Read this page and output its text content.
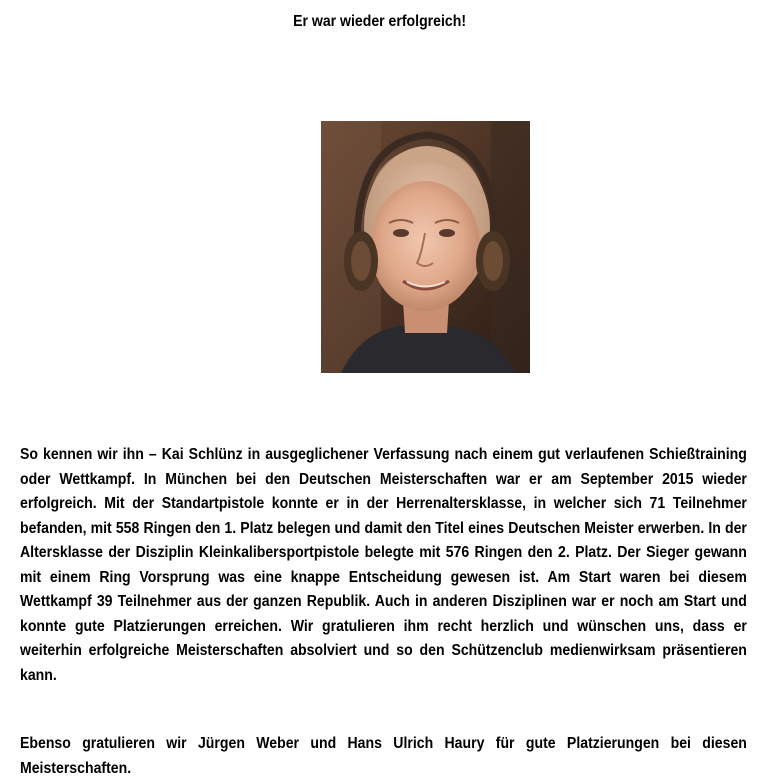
Er war wieder erfolgreich!

So kennen wir ihn – Kai Schlünz in ausgeglichener Verfassung nach einem gut verlaufenen Schießtraining oder Wettkampf. In München bei den Deutschen Meisterschaften war er am September 2015 wieder erfolgreich. Mit der Standartpistole konnte er in der Herrenaltersklasse, in welcher sich 71 Teilnehmer befanden, mit 558 Ringen den 1. Platz belegen und damit den Titel eines Deutschen Meister erwerben. In der Altersklasse der Disziplin Kleinkalibersportpistole belegte mit 576 Ringen den 2. Platz. Der Sieger gewann mit einem Ring Vorsprung was eine knappe Entscheidung gewesen ist. Am Start waren bei diesem Wettkampf 39 Teilnehmer aus der ganzen Republik. Auch in anderen Disziplinen war er noch am Start und konnte gute Platzierungen erreichen. Wir gratulieren ihm recht herzlich und wünschen uns, dass er weiterhin erfolgreiche Meisterschaften absolviert und so den Schützenclub medienwirksam präsentieren kann.

Ebenso gratulieren wir Jürgen Weber und Hans Ulrich Haury für gute Platzierungen bei diesen Meisterschaften.
